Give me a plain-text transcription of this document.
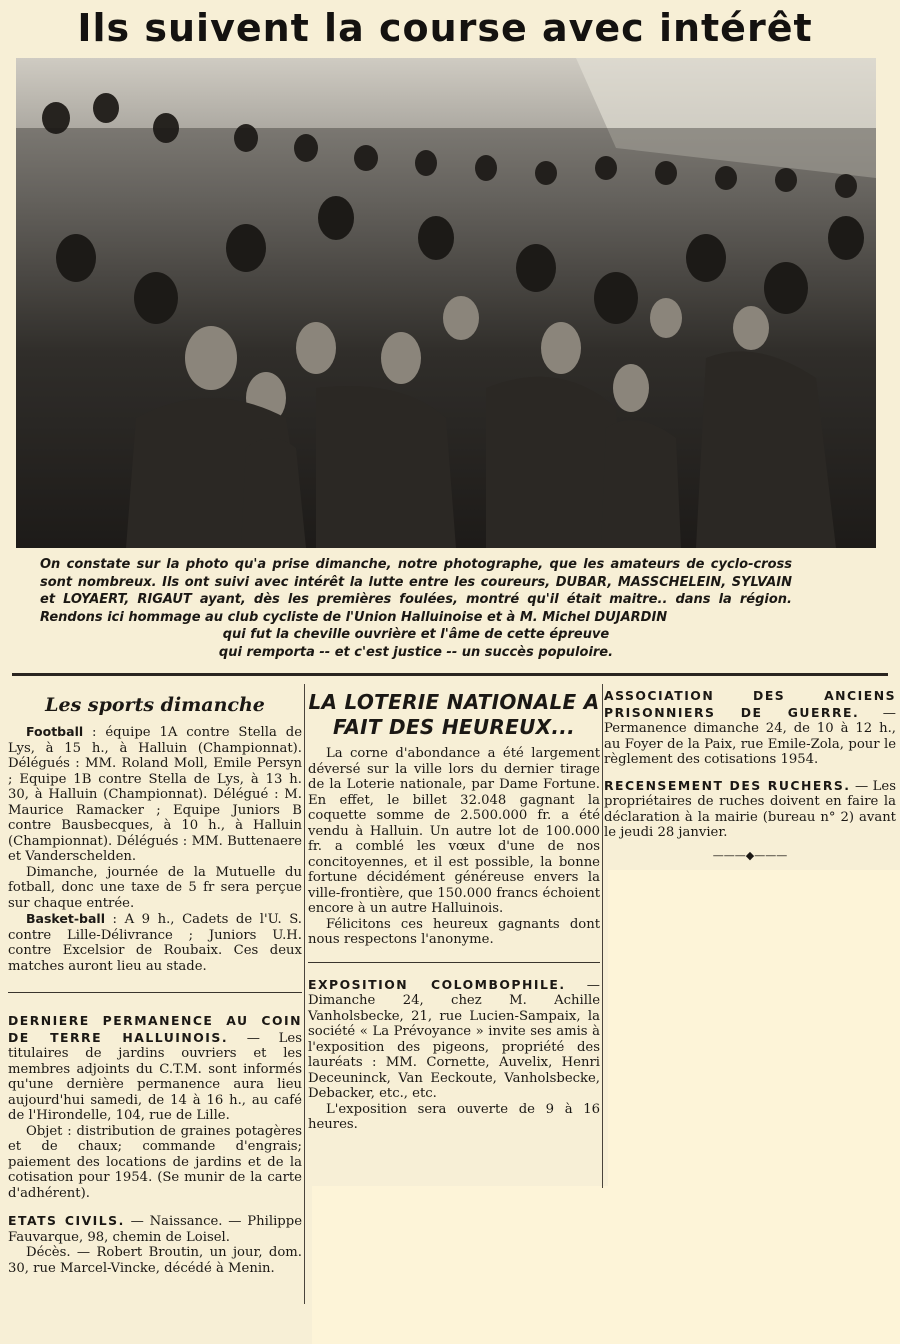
Ils suivent la course avec intérêt

On constate sur la photo qu'a prise dimanche, notre photographe, que les amateurs de cyclo-cross sont nombreux. Ils ont suivi avec intérêt la lutte entre les coureurs, DUBAR, MASSCHELEIN, SYLVAIN et LOYAERT, RIGAUT ayant, dès les premières foulées, montré qu'il était maitre.. dans la région. Rendons ici hommage au club cycliste de l'Union Halluinoise et à M. Michel DUJARDIN
qui fut la cheville ouvrière et l'âme de cette épreuve
qui remporta -- et c'est justice -- un succès populoire.

Les sports dimanche

Football : équipe 1A contre Stella de Lys, à 15 h., à Halluin (Championnat). Délégués : MM. Roland Moll, Emile Persyn ; Equipe 1B contre Stella de Lys, à 13 h. 30, à Halluin (Championnat). Délégué : M. Maurice Ramacker ; Equipe Juniors B contre Bausbecques, à 10 h., à Halluin (Championnat). Délégués : MM. Buttenaere et Vanderschelden.

Dimanche, journée de la Mutuelle du fotball, donc une taxe de 5 fr sera perçue sur chaque entrée.

Basket-ball : A 9 h., Cadets de l'U. S. contre Lille-Délivrance ; Juniors U.H. contre Excelsior de Roubaix. Ces deux matches auront lieu au stade.

DERNIERE PERMANENCE AU COIN DE TERRE HALLUINOIS. — Les titulaires de jardins ouvriers et les membres adjoints du C.T.M. sont informés qu'une dernière permanence aura lieu aujourd'hui samedi, de 14 à 16 h., au café de l'Hirondelle, 104, rue de Lille.

Objet : distribution de graines potagères et de chaux; commande d'engrais; paiement des locations de jardins et de la cotisation pour 1954. (Se munir de la carte d'adhérent).

ETATS CIVILS. — Naissance. — Philippe Fauvarque, 98, chemin de Loisel.

Décès. — Robert Broutin, un jour, dom. 30, rue Marcel-Vincke, décédé à Menin.

LA LOTERIE NATIONALE A FAIT DES HEUREUX...

La corne d'abondance a été largement déversé sur la ville lors du dernier tirage de la Loterie nationale, par Dame Fortune. En effet, le billet 32.048 gagnant la coquette somme de 2.500.000 fr. a été vendu à Halluin. Un autre lot de 100.000 fr. a comblé les vœux d'une de nos concitoyennes, et il est possible, la bonne fortune décidément généreuse envers la ville-frontière, que 150.000 francs échoient encore à un autre Halluinois.

Félicitons ces heureux gagnants dont nous respectons l'anonyme.

EXPOSITION COLOMBOPHILE. — Dimanche 24, chez M. Achille Vanholsbecke, 21, rue Lucien-Sampaix, la société « La Prévoyance » invite ses amis à l'exposition des pigeons, propriété des lauréats : MM. Cornette, Auvelix, Henri Deceuninck, Van Eeckoute, Vanholsbecke, Debacker, etc., etc.

L'exposition sera ouverte de 9 à 16 heures.

ASSOCIATION DES ANCIENS PRISONNIERS DE GUERRE. — Permanence dimanche 24, de 10 à 12 h., au Foyer de la Paix, rue Emile-Zola, pour le règlement des cotisations 1954.

RECENSEMENT DES RUCHERS. — Les propriétaires de ruches doivent en faire la déclaration à la mairie (bureau n° 2) avant le jeudi 28 janvier.

———◆———
